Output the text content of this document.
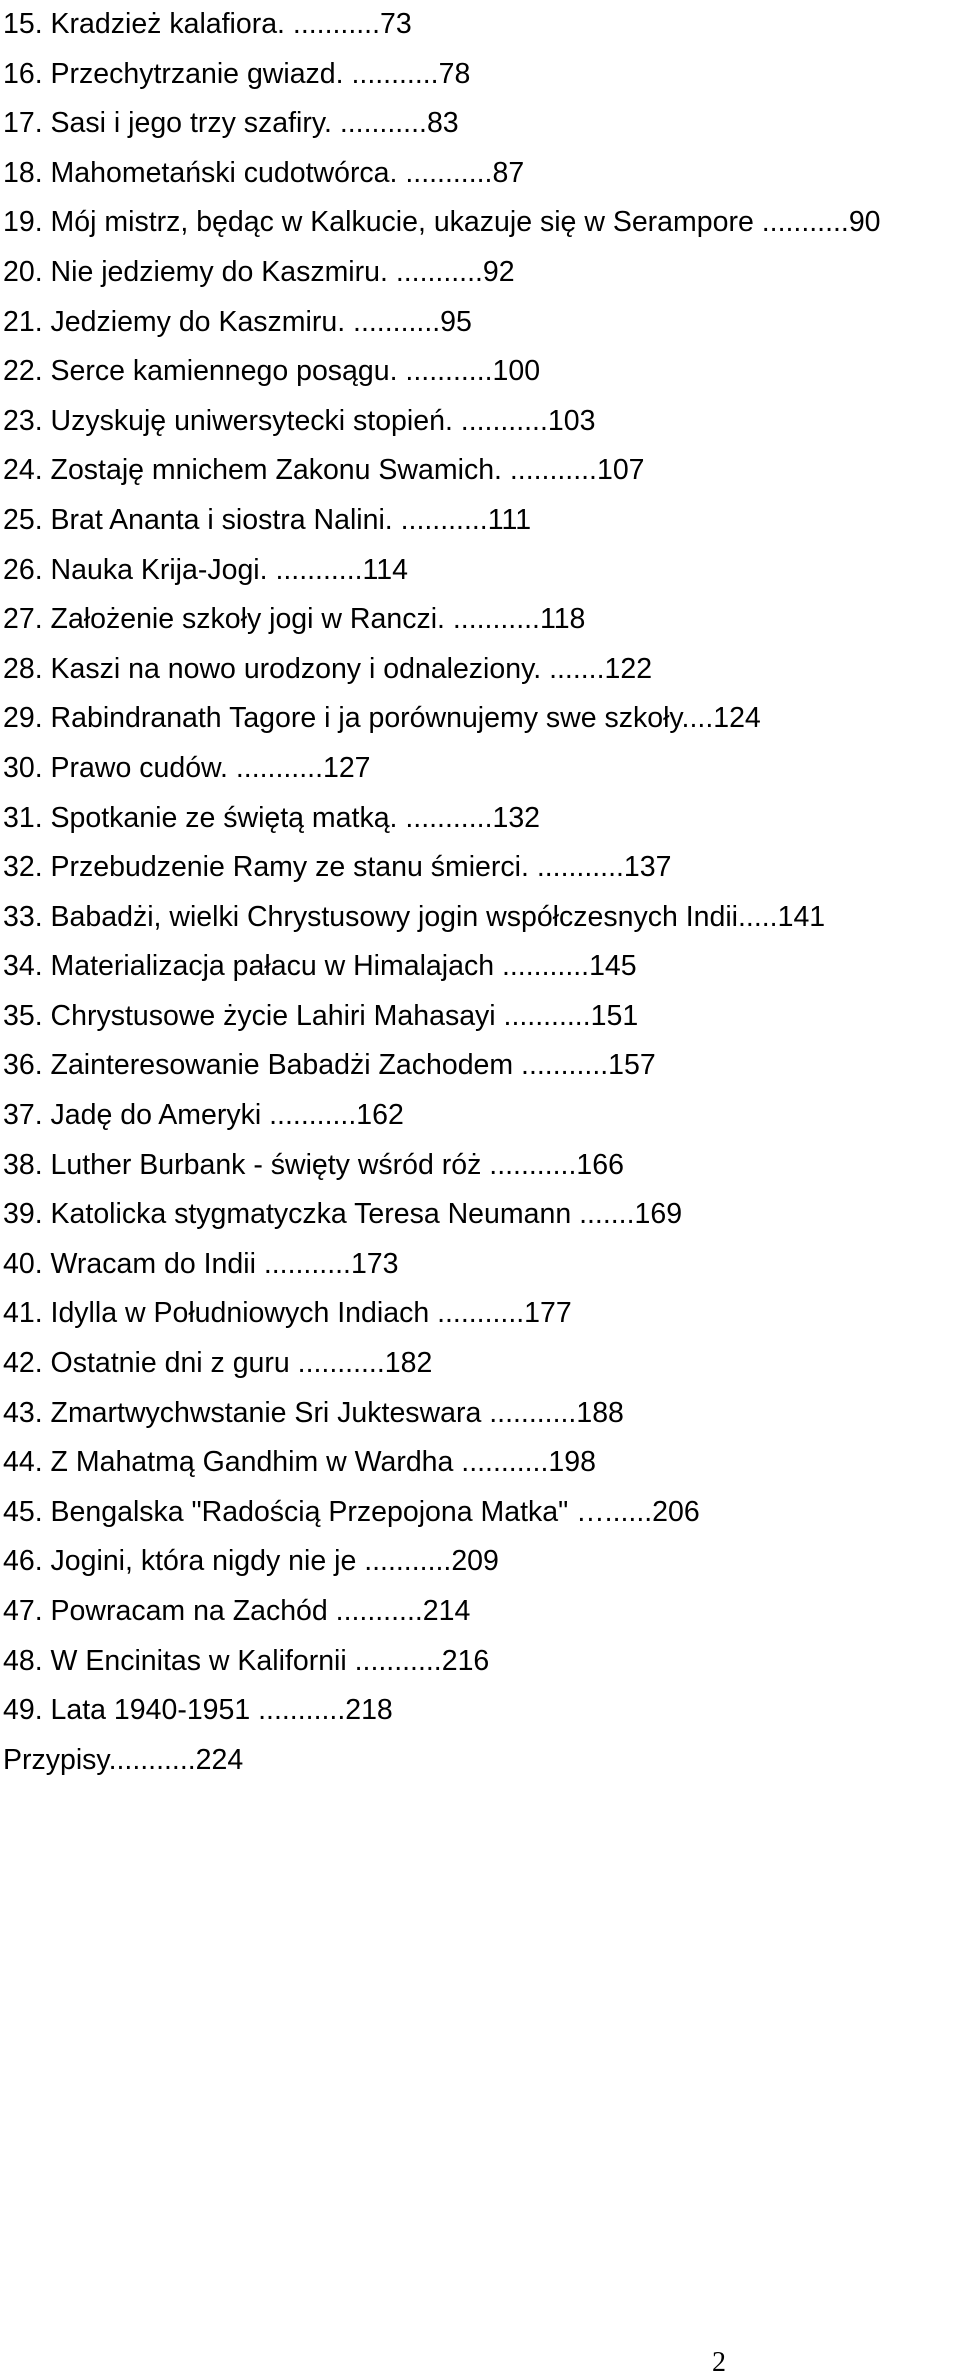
15. Kradzież kalafiora. ...........73
16. Przechytrzanie gwiazd. ...........78
17. Sasi i jego trzy szafiry. ...........83
18. Mahometański cudotwórca. ...........87
19. Mój mistrz, będąc w Kalkucie, ukazuje się w Serampore ...........90
20. Nie jedziemy do Kaszmiru. ...........92
21. Jedziemy do Kaszmiru. ...........95
22. Serce kamiennego posągu. ...........100
23. Uzyskuję uniwersytecki stopień. ...........103
24. Zostaję mnichem Zakonu Swamich. ...........107
25. Brat Ananta i siostra Nalini. ...........111
26. Nauka Krija-Jogi. ...........114
27. Założenie szkoły jogi w Ranczi. ...........118
28. Kaszi na nowo urodzony i odnaleziony. .......122
29. Rabindranath Tagore i ja porównujemy swe szkoły....124
30. Prawo cudów. ...........127
31. Spotkanie ze świętą matką. ...........132
32. Przebudzenie Ramy ze stanu śmierci. ...........137
33. Babadżi, wielki Chrystusowy jogin współczesnych Indii.....141
34. Materializacja pałacu w Himalajach ...........145
35. Chrystusowe życie Lahiri Mahasayi ...........151
36. Zainteresowanie Babadżi Zachodem ...........157
37. Jadę do Ameryki ...........162
38. Luther Burbank - święty wśród róż ...........166
39. Katolicka stygmatyczka Teresa Neumann .......169
40. Wracam do Indii ...........173
41. Idylla w Południowych Indiach ...........177
42. Ostatnie dni z guru ...........182
43. Zmartwychwstanie Sri Jukteswara ...........188
44. Z Mahatmą Gandhim w Wardha ...........198
45. Bengalska "Radością Przepojona Matka" …......206
46. Jogini, która nigdy nie je ...........209
47. Powracam na Zachód ...........214
48. W Encinitas w Kalifornii ...........216
49. Lata 1940-1951 ...........218
Przypisy...........224
2
